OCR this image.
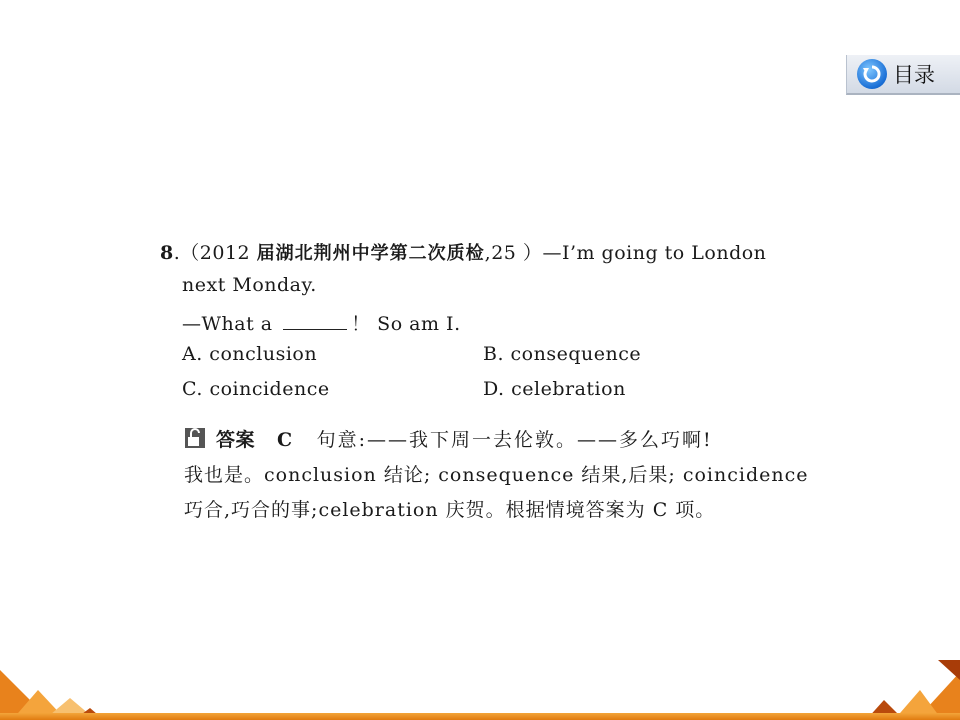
目录
8.（2012 届湖北荆州中学第二次质检,25 ）—I’m going to London
next Monday.
—What a	！ So am I.
A. conclusion	B. consequence
C. coincidence	D. celebration
答案 C 句意:——我下周一去伦敦。——多么巧啊!
我也是。conclusion 结论; consequence 结果,后果; coincidence
巧合,巧合的事;celebration 庆贺。根据情境答案为 C 项。
